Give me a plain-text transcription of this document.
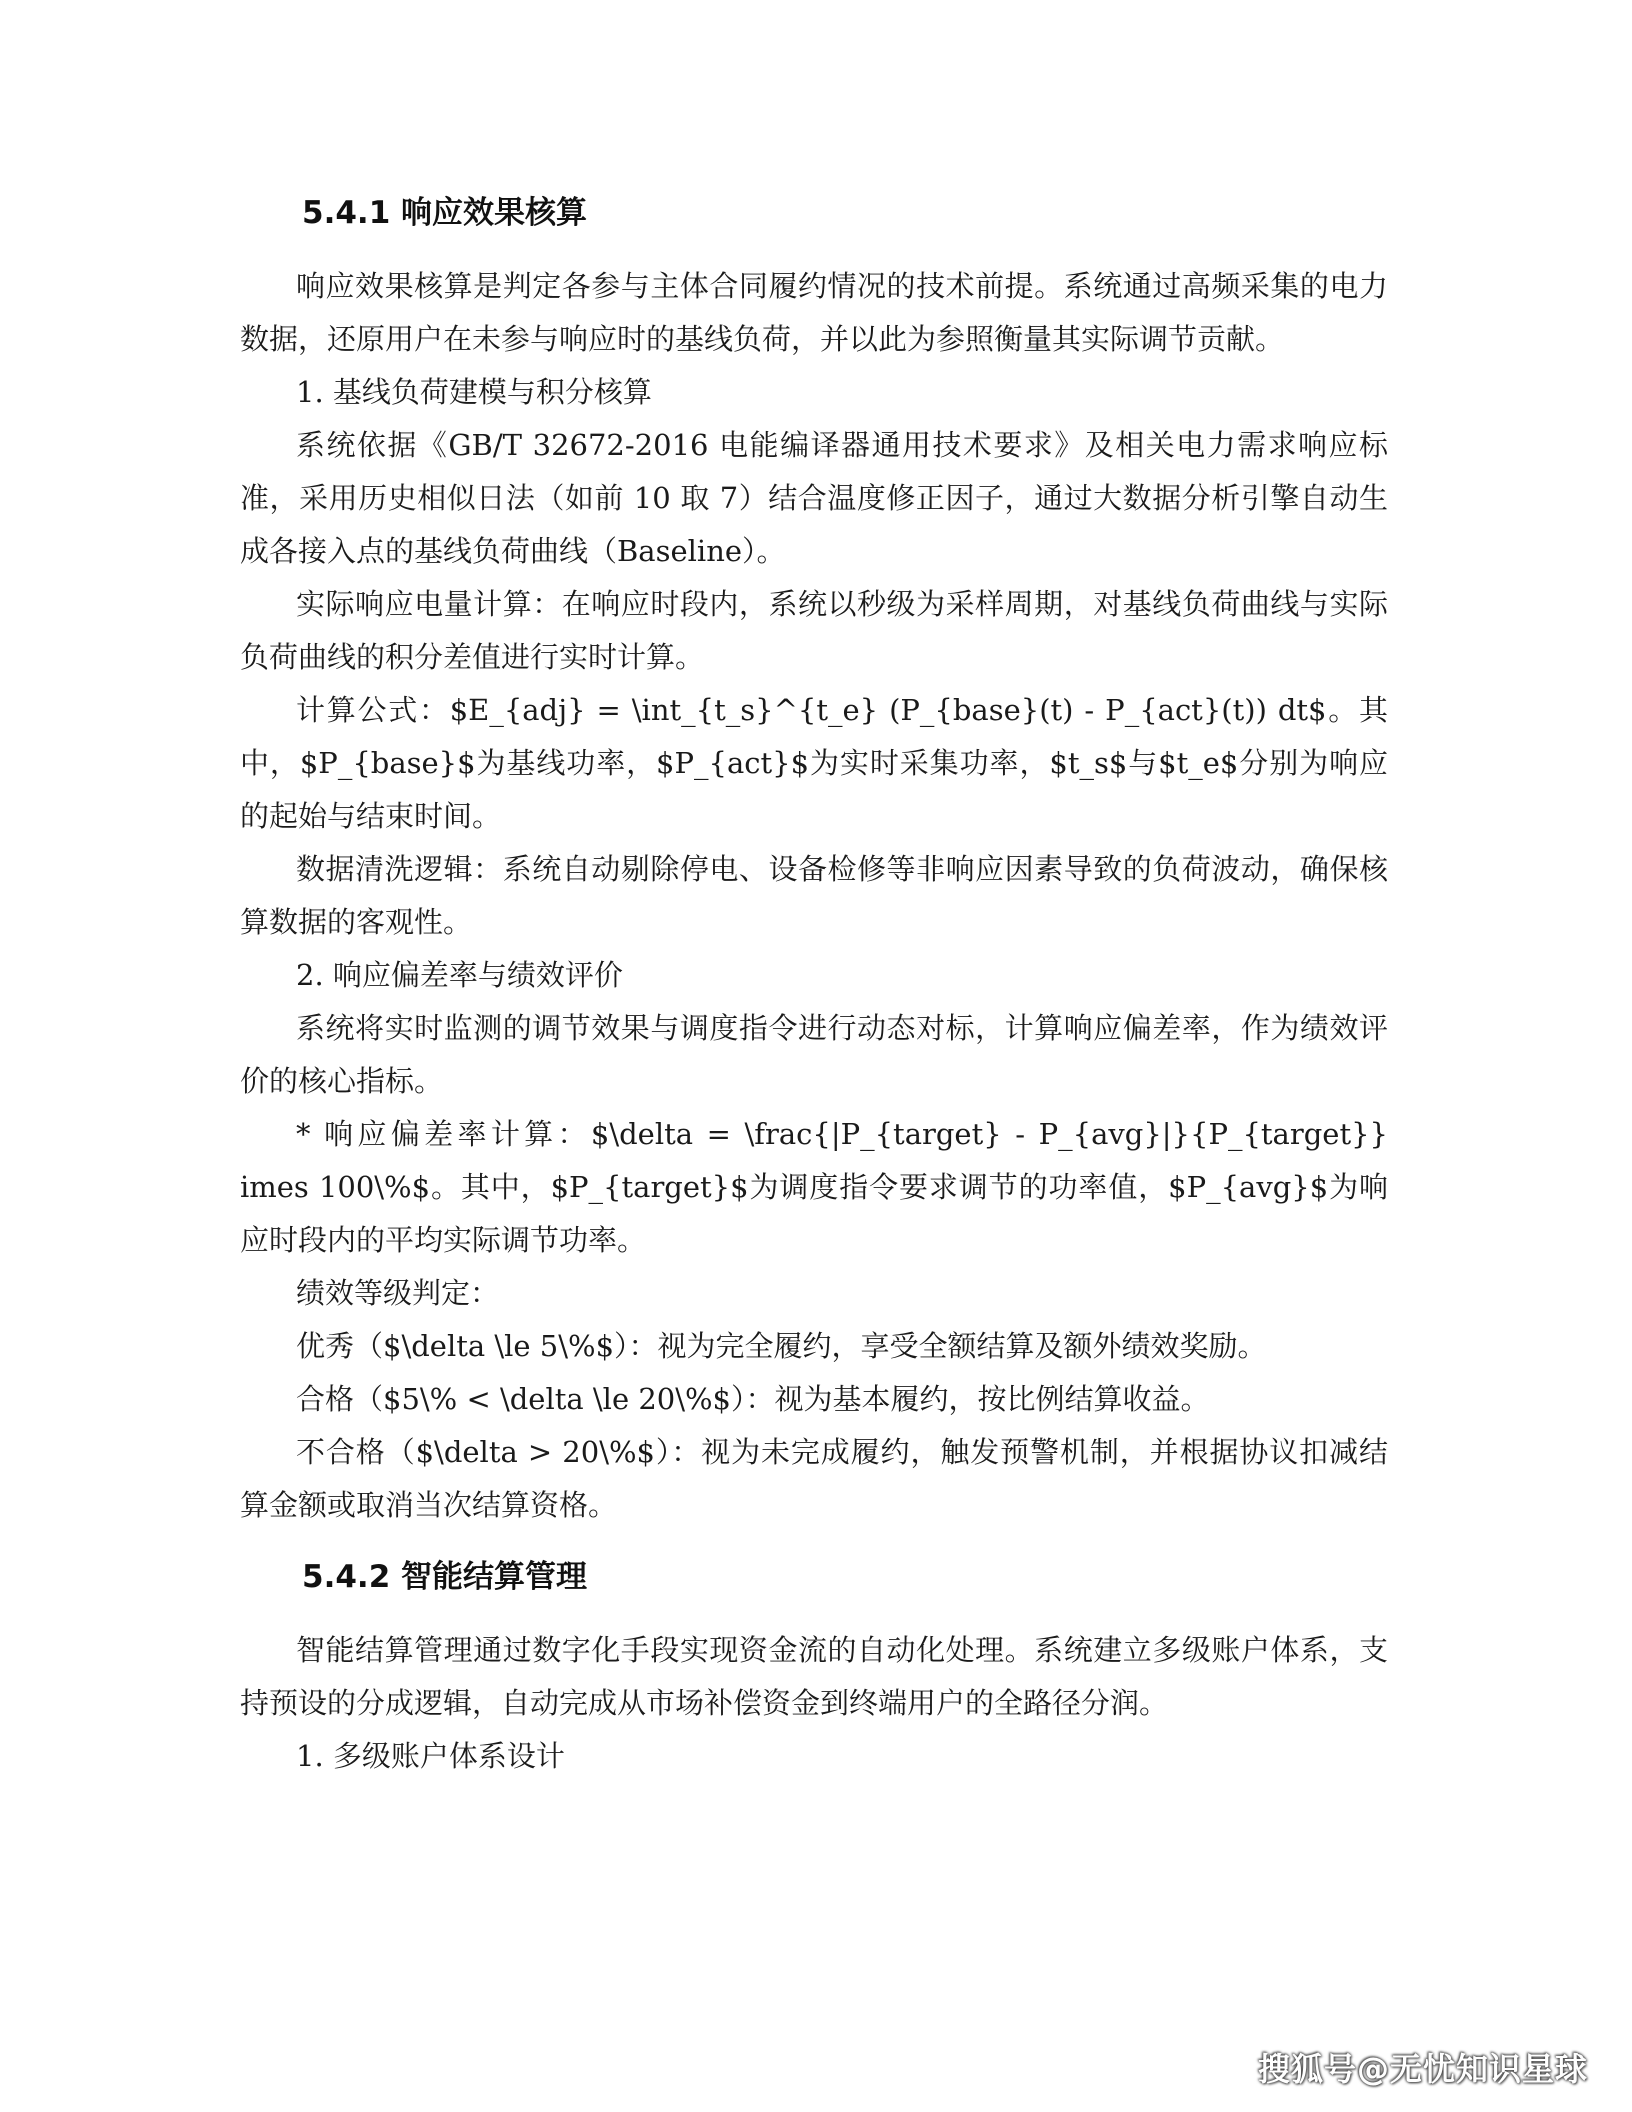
5.4.1 响应效果核算

响应效果核算是判定各参与主体合同履约情况的技术前提。系统通过高频采集的电力数据，还原用户在未参与响应时的基线负荷，并以此为参照衡量其实际调节贡献。

1. 基线负荷建模与积分核算

系统依据《GB/T 32672-2016 电能编译器通用技术要求》及相关电力需求响应标准，采用历史相似日法（如前 10 取 7）结合温度修正因子，通过大数据分析引擎自动生成各接入点的基线负荷曲线（Baseline）。

实际响应电量计算：在响应时段内，系统以秒级为采样周期，对基线负荷曲线与实际负荷曲线的积分差值进行实时计算。

计算公式：$E_{adj} = \int_{t_s}^{t_e} (P_{base}(t) - P_{act}(t)) dt$。其中，$P_{base}$为基线功率，$P_{act}$为实时采集功率，$t_s$与$t_e$分别为响应的起始与结束时间。

数据清洗逻辑：系统自动剔除停电、设备检修等非响应因素导致的负荷波动，确保核算数据的客观性。

2. 响应偏差率与绩效评价

系统将实时监测的调节效果与调度指令进行动态对标，计算响应偏差率，作为绩效评价的核心指标。

* 响应偏差率计算：$\delta = \frac{|P_{target} - P_{avg}|}{P_{target}} imes 100\%$。其中，$P_{target}$为调度指令要求调节的功率值，$P_{avg}$为响应时段内的平均实际调节功率。

绩效等级判定：

优秀（$\delta \le 5\%$）：视为完全履约，享受全额结算及额外绩效奖励。

合格（$5\% < \delta \le 20\%$）：视为基本履约，按比例结算收益。

不合格（$\delta > 20\%$）：视为未完成履约，触发预警机制，并根据协议扣减结算金额或取消当次结算资格。

5.4.2 智能结算管理

智能结算管理通过数字化手段实现资金流的自动化处理。系统建立多级账户体系，支持预设的分成逻辑，自动完成从市场补偿资金到终端用户的全路径分润。

1. 多级账户体系设计

搜狐号@无忧知识星球
